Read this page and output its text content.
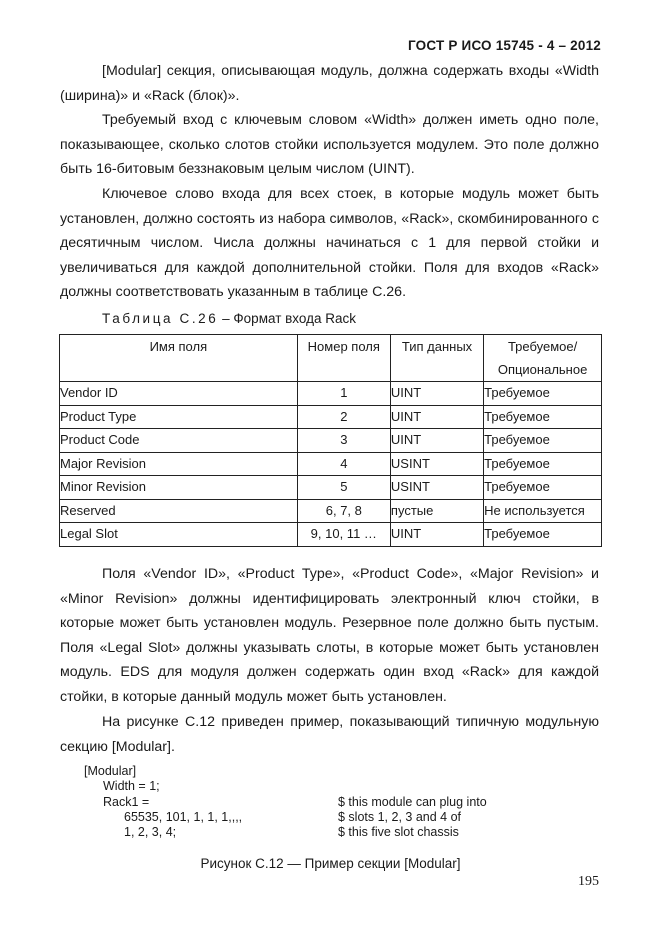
ГОСТ Р ИСО 15745 - 4 – 2012

[Modular] секция, описывающая модуль, должна содержать входы «Width (ширина)» и «Rack (блок)».

Требуемый вход с ключевым словом «Width» должен иметь одно поле, показывающее, сколько слотов стойки используется модулем. Это поле должно быть 16-битовым беззнаковым целым числом (UINT).

Ключевое слово входа для всех стоек, в которые модуль может быть установлен, должно состоять из набора символов, «Rack», скомбинированного с десятичным числом. Числа должны начинаться с 1 для первой стойки и увеличиваться для каждой дополнительной стойки. Поля для входов «Rack» должны соответствовать указанным в таблице С.26.

Таблица С.26 – Формат входа Rack
Имя поля	Номер поля	Тип данных	Требуемое/ Опциональное
Vendor ID	1	UINT	Требуемое
Product Type	2	UINT	Требуемое
Product Code	3	UINT	Требуемое
Major Revision	4	USINT	Требуемое
Minor Revision	5	USINT	Требуемое
Reserved	6, 7, 8	пустые	Не используется
Legal Slot	9, 10, 11 …	UINT	Требуемое

Поля «Vendor ID», «Product Type», «Product Code», «Major Revision» и «Minor Revision» должны идентифицировать электронный ключ стойки, в которые может быть установлен модуль. Резервное поле должно быть пустым. Поля «Legal Slot» должны указывать слоты, в которые может быть установлен модуль. EDS для модуля должен содержать один вход «Rack» для каждой стойки, в которые данный модуль может быть установлен.

На рисунке С.12 приведен пример, показывающий типичную модульную секцию [Modular].

[Modular]
Width = 1;
Rack1 =
65535, 101, 1, 1, 1,,,,
1, 2, 3, 4;
$ this module can plug into
$ slots 1, 2, 3 and 4 of
$ this five slot chassis
Рисунок С.12 — Пример секции [Modular]
195
